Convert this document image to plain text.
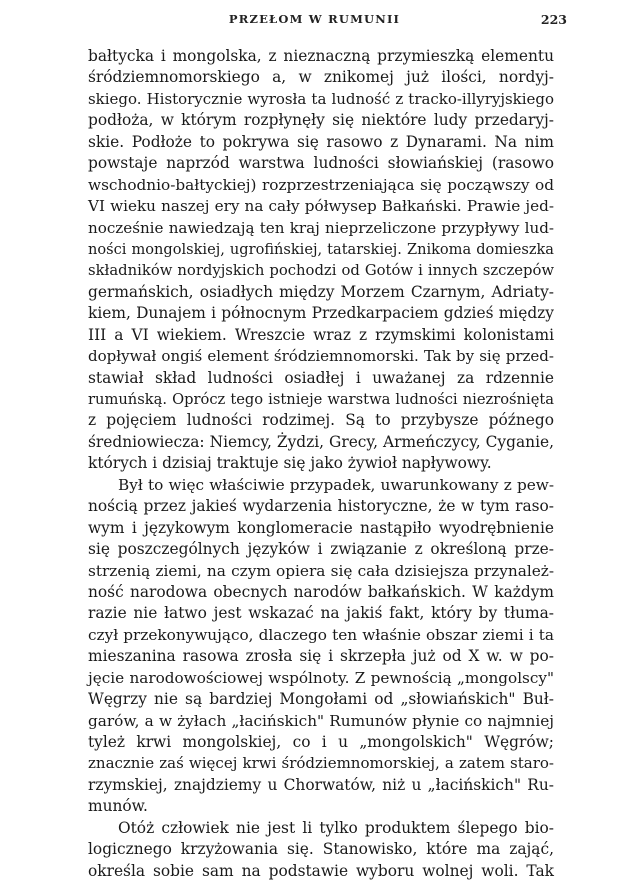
PRZEŁOM W RUMUNII	223
bałtycka i mongolska, z nieznaczną przymieszką elementu
śródziemnomorskiego a, w znikomej już ilości, nordyj-
skiego. Historycznie wyrosła ta ludność z tracko-illyryjskiego
podłoża, w którym rozpłynęły się niektóre ludy przedaryj-
skie. Podłoże to pokrywa się rasowo z Dynarami. Na nim
powstaje naprzód warstwa ludności słowiańskiej (rasowo
wschodnio-bałtyckiej) rozprzestrzeniająca się począwszy od
VI wieku naszej ery na cały półwysep Bałkański. Prawie jed-
nocześnie nawiedzają ten kraj nieprzeliczone przypływy lud-
ności mongolskiej, ugrofińskiej, tatarskiej. Znikoma domieszka
składników nordyjskich pochodzi od Gotów i innych szczepów
germańskich, osiadłych między Morzem Czarnym, Adriaty-
kiem, Dunajem i północnym Przedkarpaciem gdzieś między
III a VI wiekiem. Wreszcie wraz z rzymskimi kolonistami
dopływał ongiś element śródziemnomorski. Tak by się przed-
stawiał skład ludności osiadłej i uważanej za rdzennie
rumuńską. Oprócz tego istnieje warstwa ludności niezrośnięta
z pojęciem ludności rodzimej. Są to przybysze późnego
średniowiecza: Niemcy, Żydzi, Grecy, Armeńczycy, Cyganie,
których i dzisiaj traktuje się jako żywioł napływowy.
Był to więc właściwie przypadek, uwarunkowany z pew-
nością przez jakieś wydarzenia historyczne, że w tym raso-
wym i językowym konglomeracie nastąpiło wyodrębnienie
się poszczególnych języków i związanie z określoną prze-
strzenią ziemi, na czym opiera się cała dzisiejsza przynależ-
ność narodowa obecnych narodów bałkańskich. W każdym
razie nie łatwo jest wskazać na jakiś fakt, który by tłuma-
czył przekonywująco, dlaczego ten właśnie obszar ziemi i ta
mieszanina rasowa zrosła się i skrzepła już od X w. w po-
jęcie narodowościowej wspólnoty. Z pewnością „mongolscy"
Węgrzy nie są bardziej Mongołami od „słowiańskich" Buł-
garów, a w żyłach „łacińskich" Rumunów płynie co najmniej
tyleż krwi mongolskiej, co i u „mongolskich" Węgrów;
znacznie zaś więcej krwi śródziemnomorskiej, a zatem staro-
rzymskiej, znajdziemy u Chorwatów, niż u „łacińskich" Ru-
munów.
Otóż człowiek nie jest li tylko produktem ślepego bio-
logicznego krzyżowania się. Stanowisko, które ma zająć,
określa sobie sam na podstawie wyboru wolnej woli. Tak
